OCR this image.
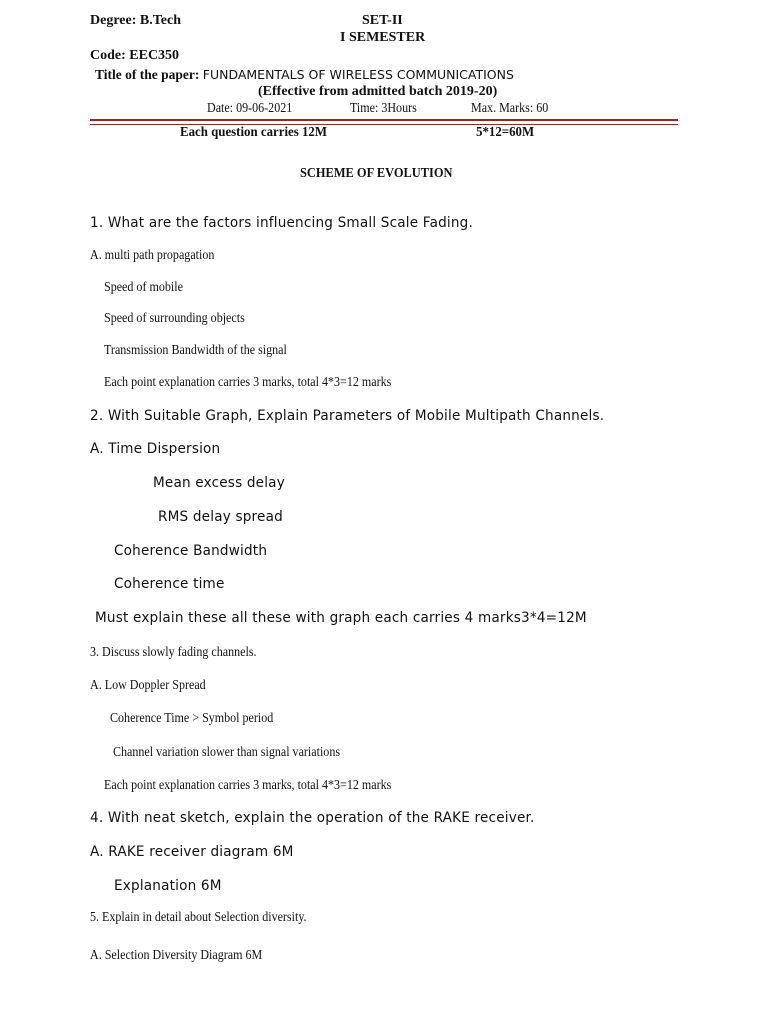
Degree: B.Tech	SET-II
I SEMESTER
Code: EEC350
Title of the paper: FUNDAMENTALS OF WIRELESS COMMUNICATIONS
(Effective from admitted batch 2019-20)
Date: 09-06-2021	Time: 3Hours	Max. Marks: 60
Each question carries 12M	5*12=60M
SCHEME OF EVOLUTION
1. What are the factors influencing Small Scale Fading.
A. multi path propagation
Speed of mobile
Speed of surrounding objects
Transmission Bandwidth of the signal
Each point explanation carries 3 marks, total 4*3=12 marks
2. With Suitable Graph, Explain Parameters of Mobile Multipath Channels.
A. Time Dispersion
Mean excess delay
RMS delay spread
Coherence Bandwidth
Coherence time
Must explain these all these with graph each carries 4 marks3*4=12M
3. Discuss slowly fading channels.
A. Low Doppler Spread
Coherence Time > Symbol period
Channel variation slower than signal variations
Each point explanation carries 3 marks, total 4*3=12 marks
4. With neat sketch, explain the operation of the RAKE receiver.
A. RAKE receiver diagram 6M
Explanation 6M
5. Explain in detail about Selection diversity.
A. Selection Diversity Diagram 6M
